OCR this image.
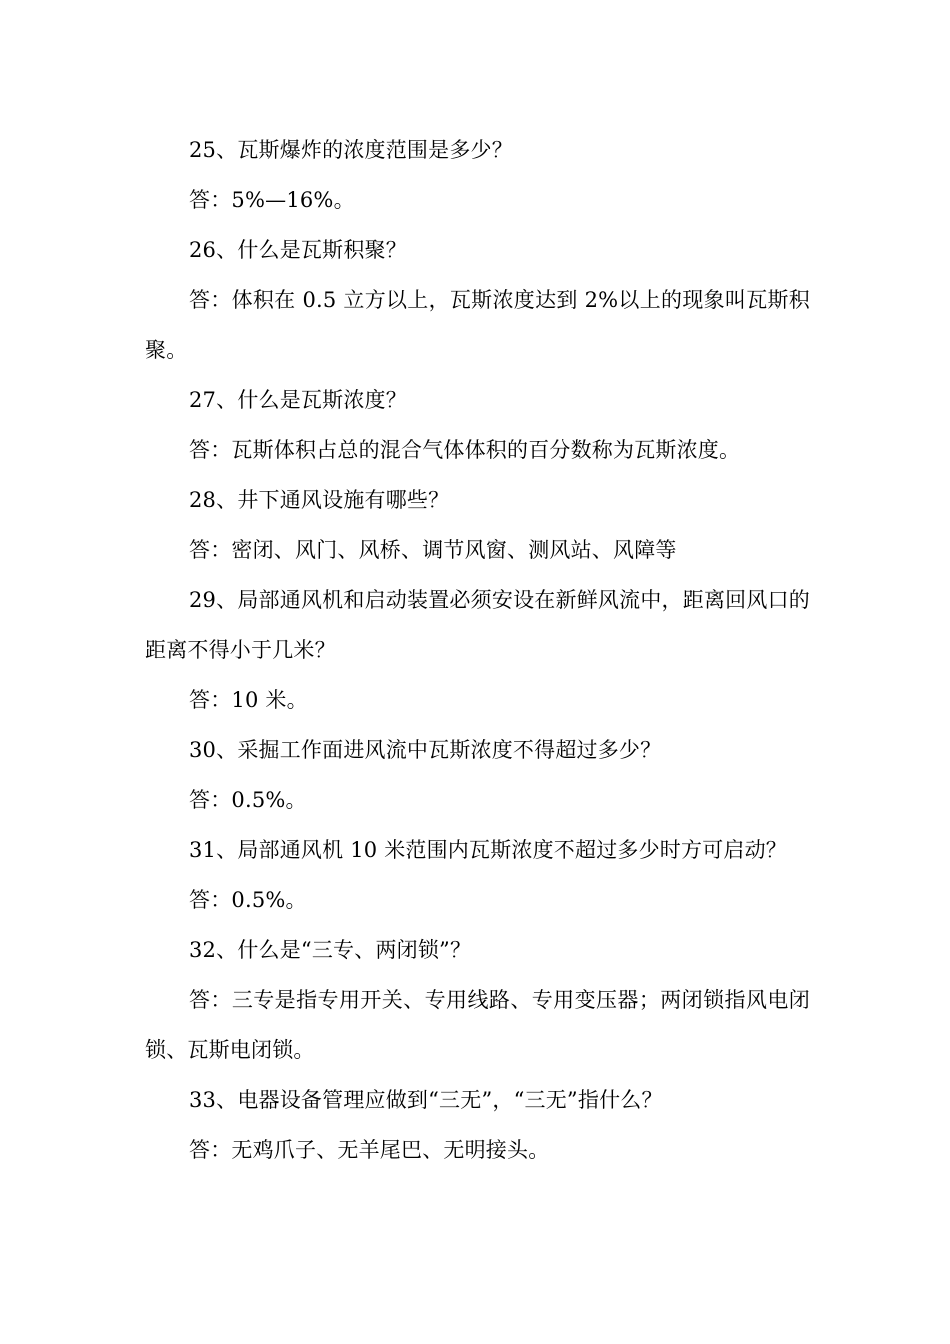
25、瓦斯爆炸的浓度范围是多少？

答：5%—16%。

26、什么是瓦斯积聚？

答：体积在 0.5 立方以上，瓦斯浓度达到 2%以上的现象叫瓦斯积聚。

27、什么是瓦斯浓度？

答：瓦斯体积占总的混合气体体积的百分数称为瓦斯浓度。

28、井下通风设施有哪些？

答：密闭、风门、风桥、调节风窗、测风站、风障等

29、局部通风机和启动装置必须安设在新鲜风流中，距离回风口的距离不得小于几米？

答：10 米。

30、采掘工作面进风流中瓦斯浓度不得超过多少？

答：0.5%。

31、局部通风机 10 米范围内瓦斯浓度不超过多少时方可启动？

答：0.5%。

32、什么是“三专、两闭锁”？

答：三专是指专用开关、专用线路、专用变压器；两闭锁指风电闭锁、瓦斯电闭锁。

33、电器设备管理应做到“三无”，“三无”指什么？

答：无鸡爪子、无羊尾巴、无明接头。
